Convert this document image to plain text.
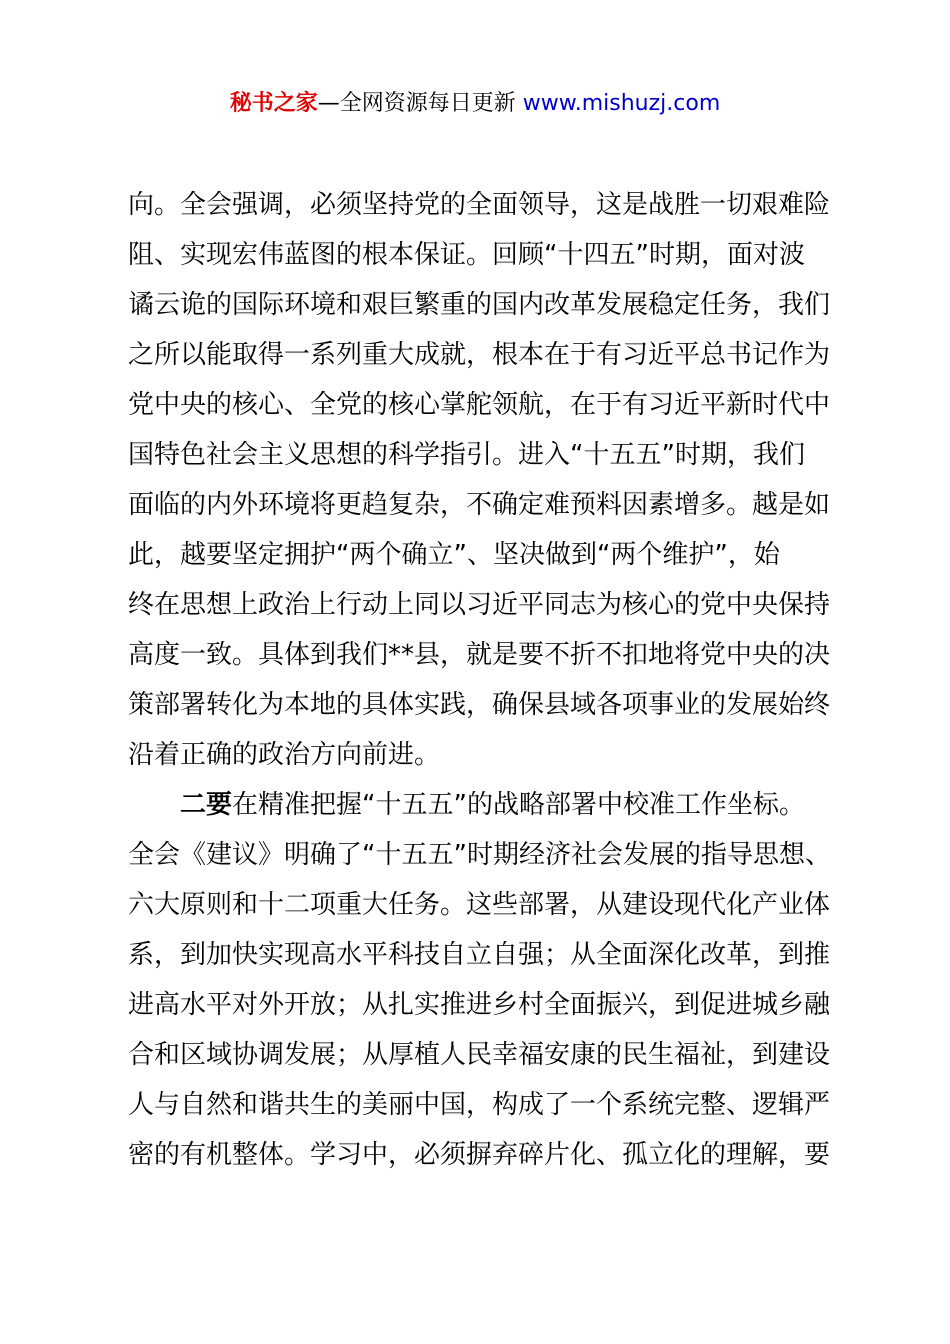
秘书之家—全网资源每日更新 www.mishuzj.com
向。全会强调，必须坚持党的全面领导，这是战胜一切艰难险
阻、实现宏伟蓝图的根本保证。回顾“十四五”时期，面对波
谲云诡的国际环境和艰巨繁重的国内改革发展稳定任务，我们
之所以能取得一系列重大成就，根本在于有习近平总书记作为
党中央的核心、全党的核心掌舵领航，在于有习近平新时代中
国特色社会主义思想的科学指引。进入“十五五”时期，我们
面临的内外环境将更趋复杂，不确定难预料因素增多。越是如
此，越要坚定拥护“两个确立”、坚决做到“两个维护”，始
终在思想上政治上行动上同以习近平同志为核心的党中央保持
高度一致。具体到我们**县，就是要不折不扣地将党中央的决
策部署转化为本地的具体实践，确保县域各项事业的发展始终
沿着正确的政治方向前进。
二要在精准把握“十五五”的战略部署中校准工作坐标。
全会《建议》明确了“十五五”时期经济社会发展的指导思想、
六大原则和十二项重大任务。这些部署，从建设现代化产业体
系，到加快实现高水平科技自立自强；从全面深化改革，到推
进高水平对外开放；从扎实推进乡村全面振兴，到促进城乡融
合和区域协调发展；从厚植人民幸福安康的民生福祉，到建设
人与自然和谐共生的美丽中国，构成了一个系统完整、逻辑严
密的有机整体。学习中，必须摒弃碎片化、孤立化的理解，要
